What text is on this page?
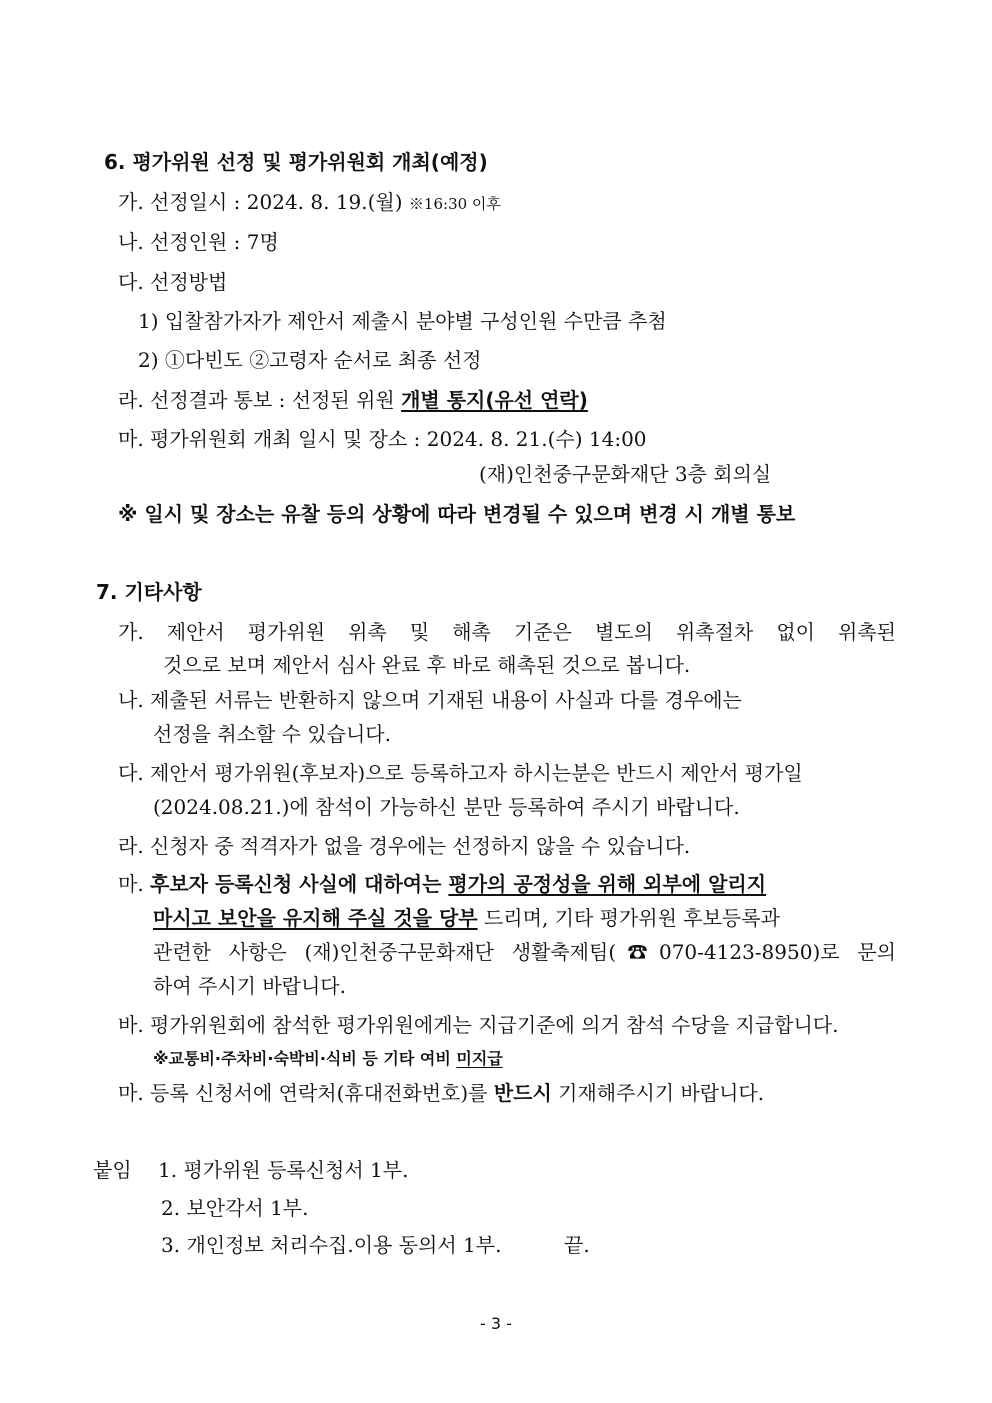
6. 평가위원 선정 및 평가위원회 개최(예정)
가. 선정일시 : 2024. 8. 19.(월) ※16:30 이후
나. 선정인원 : 7명
다. 선정방법
1) 입찰참가자가 제안서 제출시 분야별 구성인원 수만큼 추첨
2) ①다빈도 ②고령자 순서로 최종 선정
라. 선정결과 통보 : 선정된 위원 개별 통지(유선 연락)
마. 평가위원회 개최 일시 및 장소 : 2024. 8. 21.(수) 14:00
(재)인천중구문화재단 3층 회의실
※ 일시 및 장소는 유찰 등의 상황에 따라 변경될 수 있으며 변경 시 개별 통보
7. 기타사항
가. 제안서 평가위원 위촉 및 해촉 기준은 별도의 위촉절차 없이 위촉된
것으로 보며 제안서 심사 완료 후 바로 해촉된 것으로 봅니다.
나. 제출된 서류는 반환하지 않으며 기재된 내용이 사실과 다를 경우에는
선정을 취소할 수 있습니다.
다. 제안서 평가위원(후보자)으로 등록하고자 하시는분은 반드시 제안서 평가일
(2024.08.21.)에 참석이 가능하신 분만 등록하여 주시기 바랍니다.
라. 신청자 중 적격자가 없을 경우에는 선정하지 않을 수 있습니다.
마. 후보자 등록신청 사실에 대하여는 평가의 공정성을 위해 외부에 알리지
마시고 보안을 유지해 주실 것을 당부 드리며, 기타 평가위원 후보등록과
관련한 사항은 (재)인천중구문화재단 생활축제팀(☎070-4123-8950)로 문의
하여 주시기 바랍니다.
바. 평가위원회에 참석한 평가위원에게는 지급기준에 의거 참석 수당을 지급합니다.
※교통비·주차비·숙박비·식비 등 기타 여비 미지급
마. 등록 신청서에 연락처(휴대전화번호)를 반드시 기재해주시기 바랍니다.
붙임 1. 평가위원 등록신청서 1부.
2. 보안각서 1부.
3. 개인정보 처리수집.이용 동의서 1부.	끝.
- 3 -
